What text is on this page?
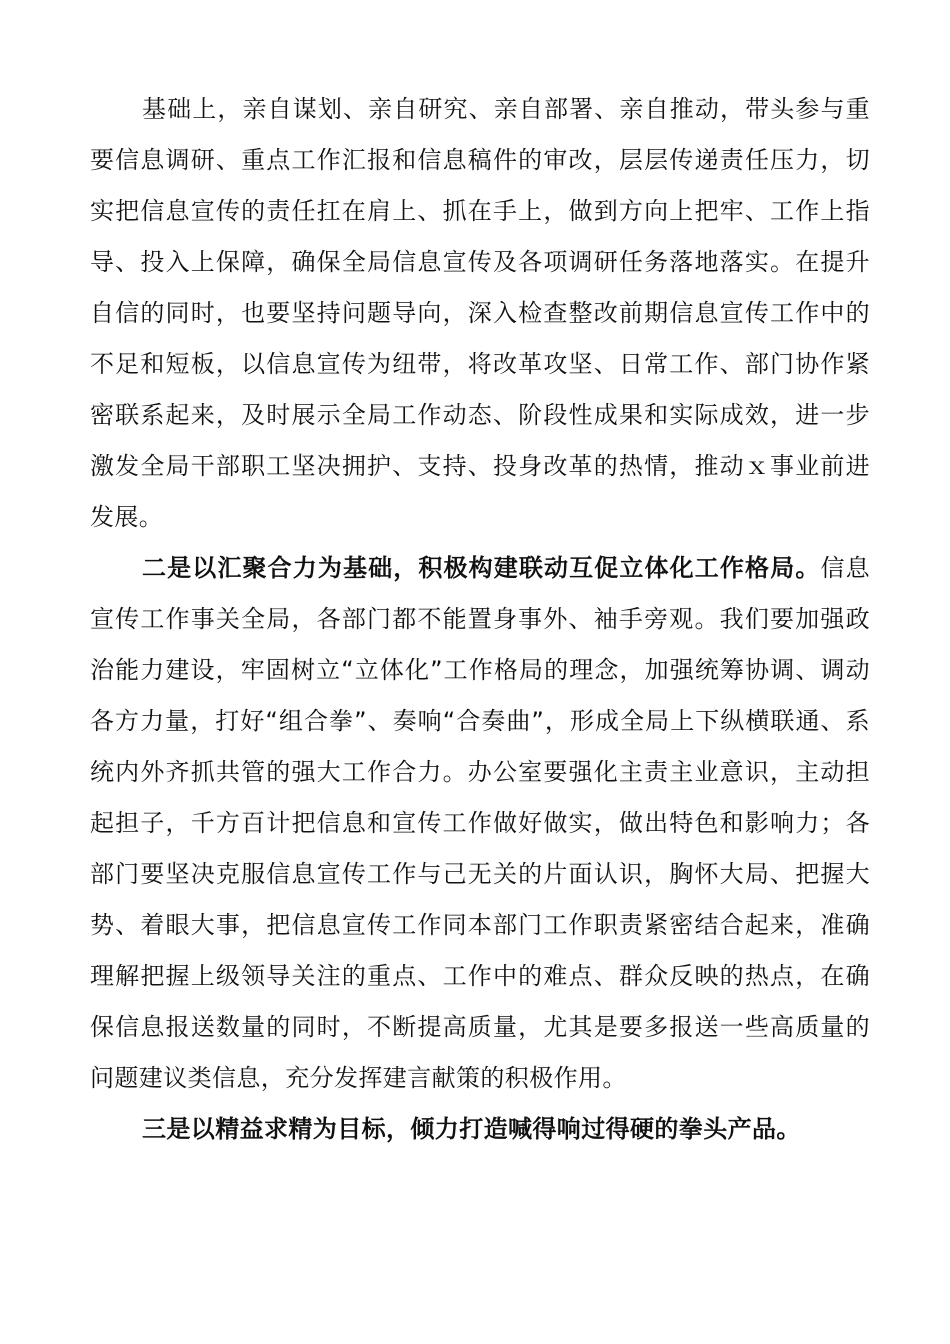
基础上，亲自谋划、亲自研究、亲自部署、亲自推动，带头参与重要信息调研、重点工作汇报和信息稿件的审改，层层传递责任压力，切实把信息宣传的责任扛在肩上、抓在手上，做到方向上把牢、工作上指导、投入上保障，确保全局信息宣传及各项调研任务落地落实。在提升自信的同时，也要坚持问题导向，深入检查整改前期信息宣传工作中的不足和短板，以信息宣传为纽带，将改革攻坚、日常工作、部门协作紧密联系起来，及时展示全局工作动态、阶段性成果和实际成效，进一步激发全局干部职工坚决拥护、支持、投身改革的热情，推动ｘ事业前进发展。

二是以汇聚合力为基础，积极构建联动互促立体化工作格局。信息宣传工作事关全局，各部门都不能置身事外、袖手旁观。我们要加强政治能力建设，牢固树立“立体化”工作格局的理念，加强统筹协调、调动各方力量，打好“组合拳”、奏响“合奏曲”，形成全局上下纵横联通、系统内外齐抓共管的强大工作合力。办公室要强化主责主业意识，主动担起担子，千方百计把信息和宣传工作做好做实，做出特色和影响力；各部门要坚决克服信息宣传工作与己无关的片面认识，胸怀大局、把握大势、着眼大事，把信息宣传工作同本部门工作职责紧密结合起来，准确理解把握上级领导关注的重点、工作中的难点、群众反映的热点，在确保信息报送数量的同时，不断提高质量，尤其是要多报送一些高质量的问题建议类信息，充分发挥建言献策的积极作用。

三是以精益求精为目标，倾力打造喊得响过得硬的拳头产品。
